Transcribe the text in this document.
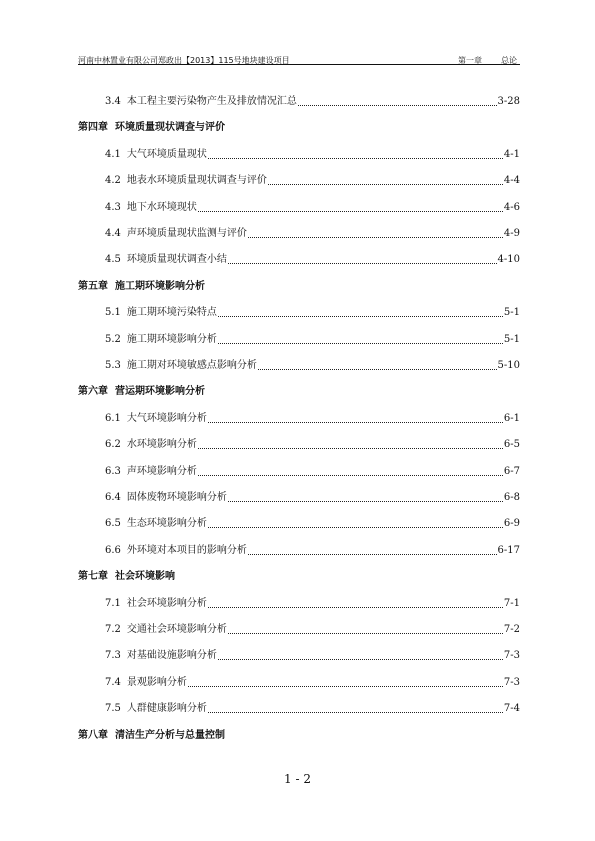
河南中林置业有限公司郑政出【2013】115号地块建设项目	第一章 总论
3.4 本工程主要污染物产生及排放情况汇总	3-28
第四章 环境质量现状调查与评价
4.1 大气环境质量现状	4-1
4.2 地表水环境质量现状调查与评价	4-4
4.3 地下水环境现状	4-6
4.4 声环境质量现状监测与评价	4-9
4.5 环境质量现状调查小结	4-10
第五章 施工期环境影响分析
5.1 施工期环境污染特点	5-1
5.2 施工期环境影响分析	5-1
5.3 施工期对环境敏感点影响分析	5-10
第六章 营运期环境影响分析
6.1 大气环境影响分析	6-1
6.2 水环境影响分析	6-5
6.3 声环境影响分析	6-7
6.4 固体废物环境影响分析	6-8
6.5 生态环境影响分析	6-9
6.6 外环境对本项目的影响分析	6-17
第七章 社会环境影响
7.1 社会环境影响分析	7-1
7.2 交通社会环境影响分析	7-2
7.3 对基础设施影响分析	7-3
7.4 景观影响分析	7-3
7.5 人群健康影响分析	7-4
第八章 清洁生产分析与总量控制
1 - 2
